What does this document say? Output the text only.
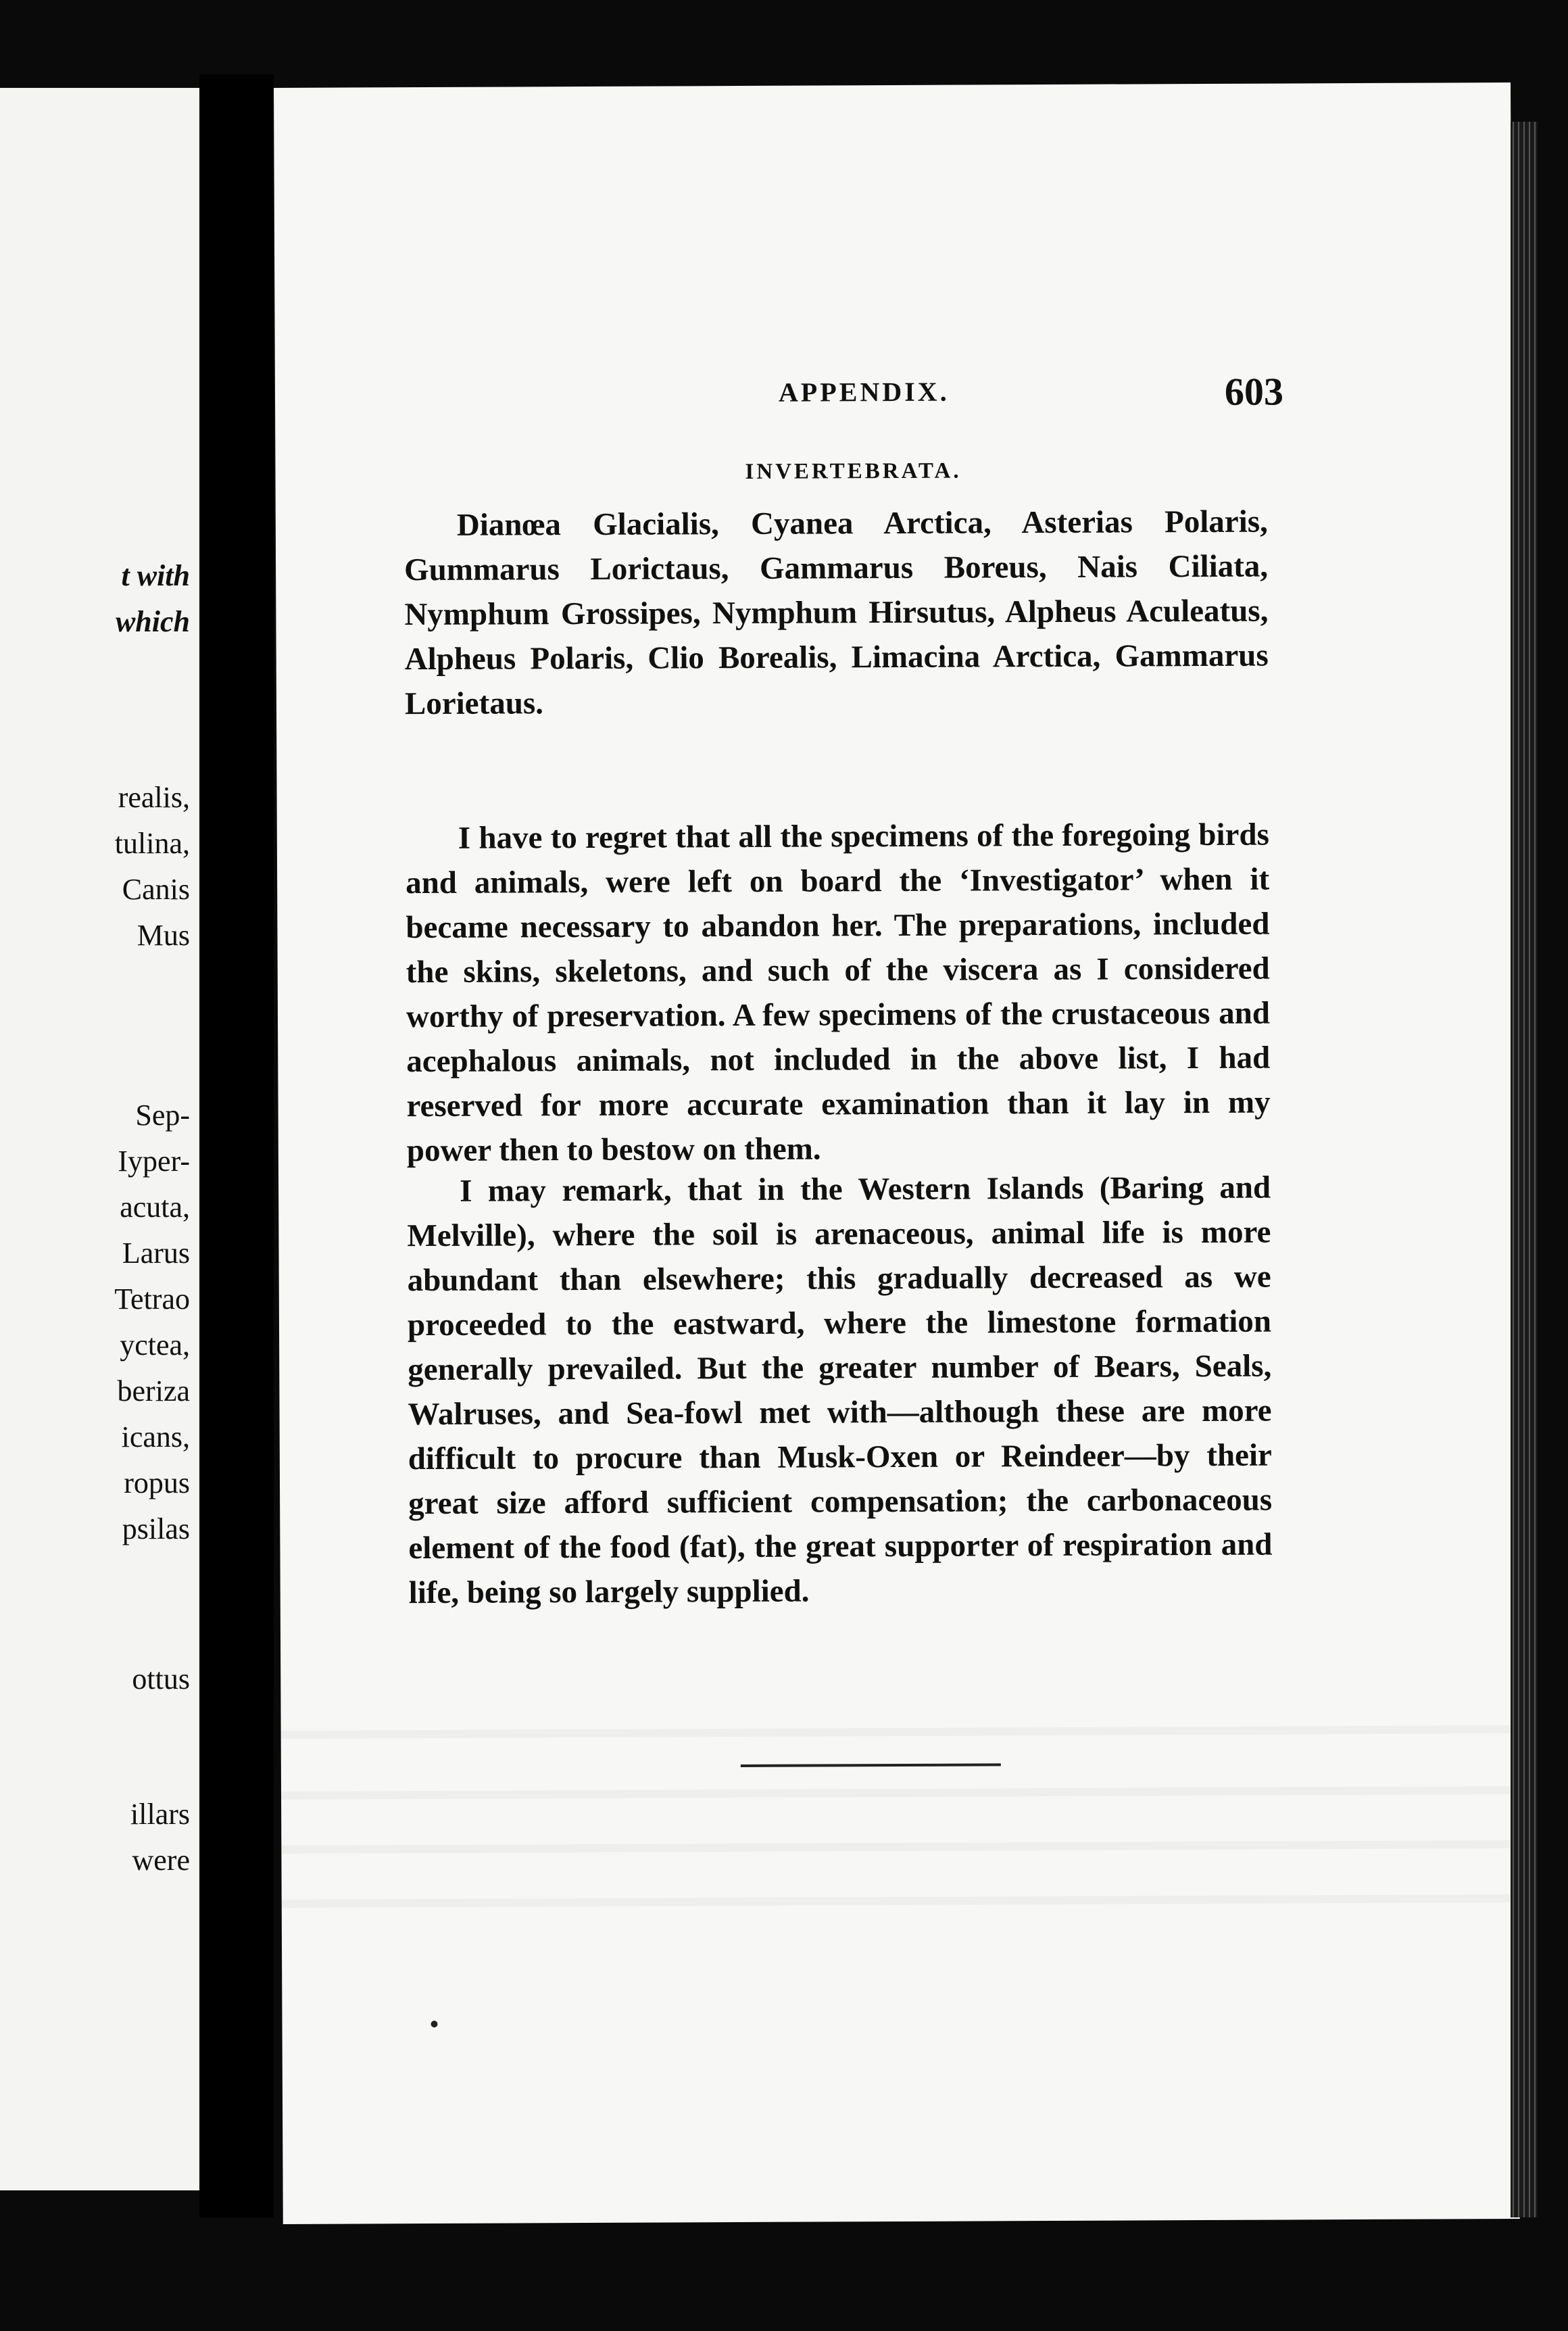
t with
which
realis,
tulina,
Canis
Mus
Sep-
Iyper-
acuta,
Larus
Tetrao
yctea,
beriza
icans,
ropus
psilas
ottus
illars
were
APPENDIX.	603
INVERTEBRATA.

Dianœa Glacialis, Cyanea Arctica, Asterias Polaris, Gummarus Lorictaus, Gammarus Boreus, Nais Ciliata, Nymphum Grossipes, Nymphum Hirsutus, Alpheus Aculeatus, Alpheus Polaris, Clio Borealis, Limacina Arctica, Gammarus Lorietaus.

I have to regret that all the specimens of the foregoing birds and animals, were left on board the ‘Investigator’ when it became necessary to abandon her. The preparations, included the skins, skeletons, and such of the viscera as I considered worthy of preservation. A few specimens of the crustaceous and acephalous animals, not included in the above list, I had reserved for more accurate examination than it lay in my power then to bestow on them.

I may remark, that in the Western Islands (Baring and Melville), where the soil is arenaceous, animal life is more abundant than elsewhere; this gradually decreased as we proceeded to the eastward, where the limestone formation generally prevailed. But the greater number of Bears, Seals, Walruses, and Sea-fowl met with—although these are more difficult to procure than Musk-Oxen or Reindeer—by their great size afford sufficient compensation; the carbonaceous element of the food (fat), the great supporter of respiration and life, being so largely supplied.
